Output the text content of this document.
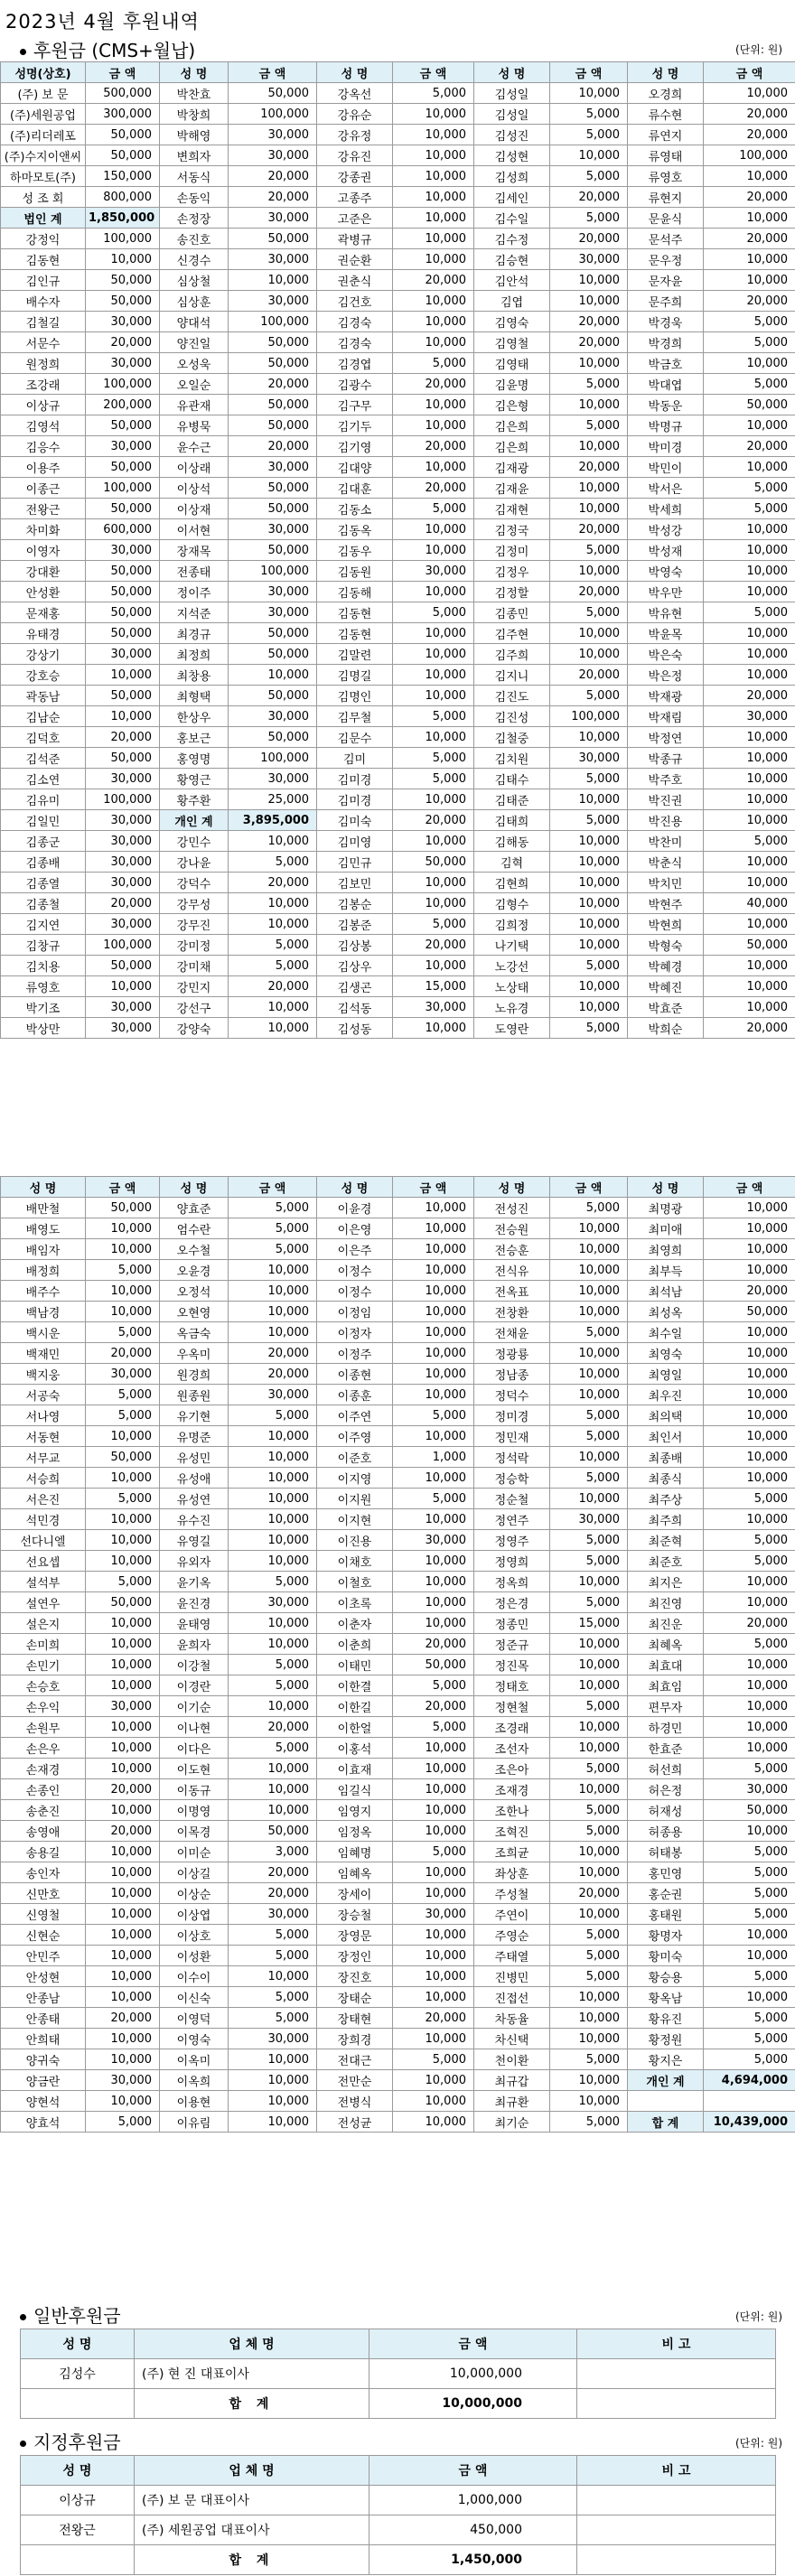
2023년 4월 후원내역
후원금 (CMS+월납)	(단위: 원)
성명(상호)	금 액	성 명	금 액	성 명	금 액	성 명	금 액	성 명	금 액
(주) 보 문	500,000	박찬효	50,000	강옥선	5,000	김성일	10,000	오경희	10,000
(주)세원공업	300,000	박창희	100,000	강유순	10,000	김성일	5,000	류수현	20,000
(주)리더레포	50,000	박해영	30,000	강유정	10,000	김성진	5,000	류연지	20,000
(주)수지이앤씨	50,000	변희자	30,000	강유진	10,000	김성현	10,000	류영태	100,000
하마모토(주)	150,000	서동식	20,000	강종권	10,000	김성희	5,000	류영호	10,000
성 조 회	800,000	손동익	20,000	고종주	10,000	김세인	20,000	류현지	20,000
법인 계	1,850,000	손정장	30,000	고준은	10,000	김수일	5,000	문윤식	10,000
강정익	100,000	송진호	50,000	곽병규	10,000	김수정	20,000	문석주	20,000
김동현	10,000	신경수	30,000	권순환	10,000	김승현	30,000	문우정	10,000
김인규	50,000	심상철	10,000	권춘식	20,000	김안석	10,000	문자윤	10,000
배수자	50,000	심상훈	30,000	김건호	10,000	김엽	10,000	문주희	20,000
김철길	30,000	양대석	100,000	김경숙	10,000	김영숙	20,000	박경욱	5,000
서문수	20,000	양진일	50,000	김경숙	10,000	김영철	20,000	박경희	5,000
원정희	30,000	오성욱	50,000	김경엽	5,000	김영태	10,000	박금호	10,000
조강래	100,000	오일순	20,000	김광수	20,000	김윤명	5,000	박대엽	5,000
이상규	200,000	유관재	50,000	김구무	10,000	김은형	10,000	박동운	50,000
김영석	50,000	유병묵	50,000	김기두	10,000	김은희	5,000	박명규	10,000
김응수	30,000	윤수근	20,000	김기영	20,000	김은희	10,000	박미경	20,000
이용주	50,000	이상래	30,000	김대양	10,000	김재광	20,000	박민이	10,000
이종근	100,000	이상석	50,000	김대훈	20,000	김재윤	10,000	박서은	5,000
전왕근	50,000	이상재	50,000	김동소	5,000	김재현	10,000	박세희	5,000
차미화	600,000	이서현	30,000	김동옥	10,000	김정국	20,000	박성강	10,000
이영자	30,000	장재목	50,000	김동우	10,000	김정미	5,000	박성재	10,000
강대환	50,000	전종태	100,000	김동원	30,000	김정우	10,000	박영숙	10,000
안성환	50,000	정이주	30,000	김동해	10,000	김정할	20,000	박우만	10,000
문재홍	50,000	지석준	30,000	김동현	5,000	김종민	5,000	박유현	5,000
유태경	50,000	최경규	50,000	김동현	10,000	김주현	10,000	박윤목	10,000
강상기	30,000	최정희	50,000	김말련	10,000	김주희	10,000	박은숙	10,000
강호승	10,000	최창용	10,000	김명길	10,000	김지니	20,000	박은정	10,000
곽동남	50,000	최형택	50,000	김명인	10,000	김진도	5,000	박재광	20,000
김남순	10,000	한상우	30,000	김무철	5,000	김진성	100,000	박재림	30,000
김덕호	20,000	홍보근	50,000	김문수	10,000	김철중	10,000	박정연	10,000
김석준	50,000	홍영명	100,000	김미	5,000	김치원	30,000	박종규	10,000
김소연	30,000	황영근	30,000	김미경	5,000	김태수	5,000	박주호	10,000
김유미	100,000	황주환	25,000	김미경	10,000	김태준	10,000	박진권	10,000
김일민	30,000	개인 계	3,895,000	김미숙	20,000	김태희	5,000	박진용	10,000
김종군	30,000	강민수	10,000	김미영	10,000	김해동	10,000	박찬미	5,000
김종배	30,000	강나윤	5,000	김민규	50,000	김혁	10,000	박춘식	10,000
김종열	30,000	강덕수	20,000	김보민	10,000	김현희	10,000	박치민	10,000
김종철	20,000	강무성	10,000	김봉순	10,000	김형수	10,000	박현주	40,000
김지연	30,000	강무진	10,000	김봉준	5,000	김희정	10,000	박현희	10,000
김창규	100,000	강미정	5,000	김상봉	20,000	나기택	10,000	박형숙	50,000
김치용	50,000	강미채	5,000	김상우	10,000	노강선	5,000	박혜경	10,000
류영호	10,000	강민지	20,000	김생곤	15,000	노상태	10,000	박혜진	10,000
박기조	30,000	강선구	10,000	김석동	30,000	노유경	10,000	박효준	10,000
박상만	30,000	강양숙	10,000	김성동	10,000	도영란	5,000	박희순	20,000
성 명	금 액	성 명	금 액	성 명	금 액	성 명	금 액	성 명	금 액
배만철	50,000	양효준	5,000	이윤경	10,000	전성진	5,000	최명광	10,000
배영도	10,000	엄수란	5,000	이은영	10,000	전승원	10,000	최미애	10,000
배임자	10,000	오수철	5,000	이은주	10,000	전승훈	10,000	최영희	10,000
배정희	5,000	오윤경	10,000	이정수	10,000	전식유	10,000	최부득	10,000
배주수	10,000	오정석	10,000	이정수	10,000	전옥표	10,000	최석남	20,000
백남경	10,000	오현영	10,000	이정임	10,000	전창환	10,000	최성옥	50,000
백시운	5,000	옥금숙	10,000	이정자	10,000	전채윤	5,000	최수일	10,000
백재민	20,000	우옥미	20,000	이정주	10,000	정광룡	10,000	최영숙	10,000
백지웅	30,000	원경희	20,000	이종현	10,000	정남종	10,000	최영일	10,000
서공숙	5,000	원종원	30,000	이종훈	10,000	정덕수	10,000	최우진	10,000
서나영	5,000	유기현	5,000	이주연	5,000	정미경	5,000	최의택	10,000
서동현	10,000	유명준	10,000	이주영	10,000	정민재	5,000	최인서	10,000
서무교	50,000	유성민	10,000	이준호	1,000	정석락	10,000	최종배	10,000
서승희	10,000	유성애	10,000	이지영	10,000	정승학	5,000	최종식	10,000
서은진	5,000	유성연	10,000	이지원	5,000	정순철	10,000	최주상	5,000
석민경	10,000	유수진	10,000	이지현	10,000	정연주	30,000	최주희	10,000
선다니엘	10,000	유영길	10,000	이진용	30,000	정영주	5,000	최준혁	5,000
선요셉	10,000	유외자	10,000	이채호	10,000	정영희	5,000	최준호	5,000
설석부	5,000	윤기옥	5,000	이철호	10,000	정옥희	10,000	최지은	10,000
설연우	50,000	윤진경	30,000	이초록	10,000	정은경	5,000	최진영	10,000
설은지	10,000	윤태영	10,000	이춘자	10,000	정종민	15,000	최진운	20,000
손미희	10,000	윤희자	10,000	이춘희	20,000	정준규	10,000	최혜옥	5,000
손민기	10,000	이강철	5,000	이태민	50,000	정진목	10,000	최효대	10,000
손승호	10,000	이경란	5,000	이한결	5,000	정태호	10,000	최효임	10,000
손우익	30,000	이기순	10,000	이한길	20,000	정현철	5,000	편무자	10,000
손원무	10,000	이나현	20,000	이한얼	5,000	조경래	10,000	하경민	10,000
손은우	10,000	이다은	5,000	이홍석	10,000	조선자	10,000	한효준	10,000
손재경	10,000	이도현	10,000	이효재	10,000	조은아	5,000	허선희	5,000
손종인	20,000	이동규	10,000	임길식	10,000	조재경	10,000	허은정	30,000
송춘진	10,000	이명영	10,000	임영지	10,000	조한나	5,000	허재성	50,000
송영애	20,000	이목경	50,000	임정옥	10,000	조혁진	5,000	허종용	10,000
송용길	10,000	이미순	3,000	임혜명	5,000	조희균	10,000	허태봉	5,000
송인자	10,000	이상길	20,000	임혜옥	10,000	좌상훈	10,000	홍민영	5,000
신만호	10,000	이상순	20,000	장세이	10,000	주성철	20,000	홍순권	5,000
신영철	10,000	이상엽	30,000	장승철	30,000	주연이	10,000	홍태원	5,000
신현순	10,000	이상호	5,000	장영문	10,000	주영순	5,000	황명자	10,000
안민주	10,000	이성환	5,000	장정인	10,000	주태열	5,000	황미숙	10,000
안성현	10,000	이수이	10,000	장진호	10,000	진병민	5,000	황승용	5,000
안종남	10,000	이신숙	5,000	장태순	10,000	진접선	10,000	황옥남	10,000
안종태	20,000	이영덕	5,000	장태현	20,000	차동율	10,000	황유진	5,000
안희태	10,000	이영숙	30,000	장희경	10,000	차신택	10,000	황정원	5,000
양귀숙	10,000	이옥미	10,000	전대근	5,000	천이환	5,000	황지은	5,000
양금란	30,000	이옥희	10,000	전만순	10,000	최규갑	10,000	개인 계	4,694,000
양현석	10,000	이용현	10,000	전병식	10,000	최규환	10,000		
양효석	5,000	이유림	10,000	전성균	10,000	최기순	5,000	합 계	10,439,000
일반후원금	(단위: 원)
성 명	업 체 명	금 액	비 고
김성수	(주) 현 진 대표이사	10,000,000	
	합 계	10,000,000	
지정후원금	(단위: 원)
성 명	업 체 명	금 액	비 고
이상규	(주) 보 문 대표이사	1,000,000	
전왕근	(주) 세원공업 대표이사	450,000	
	합 계	1,450,000	
